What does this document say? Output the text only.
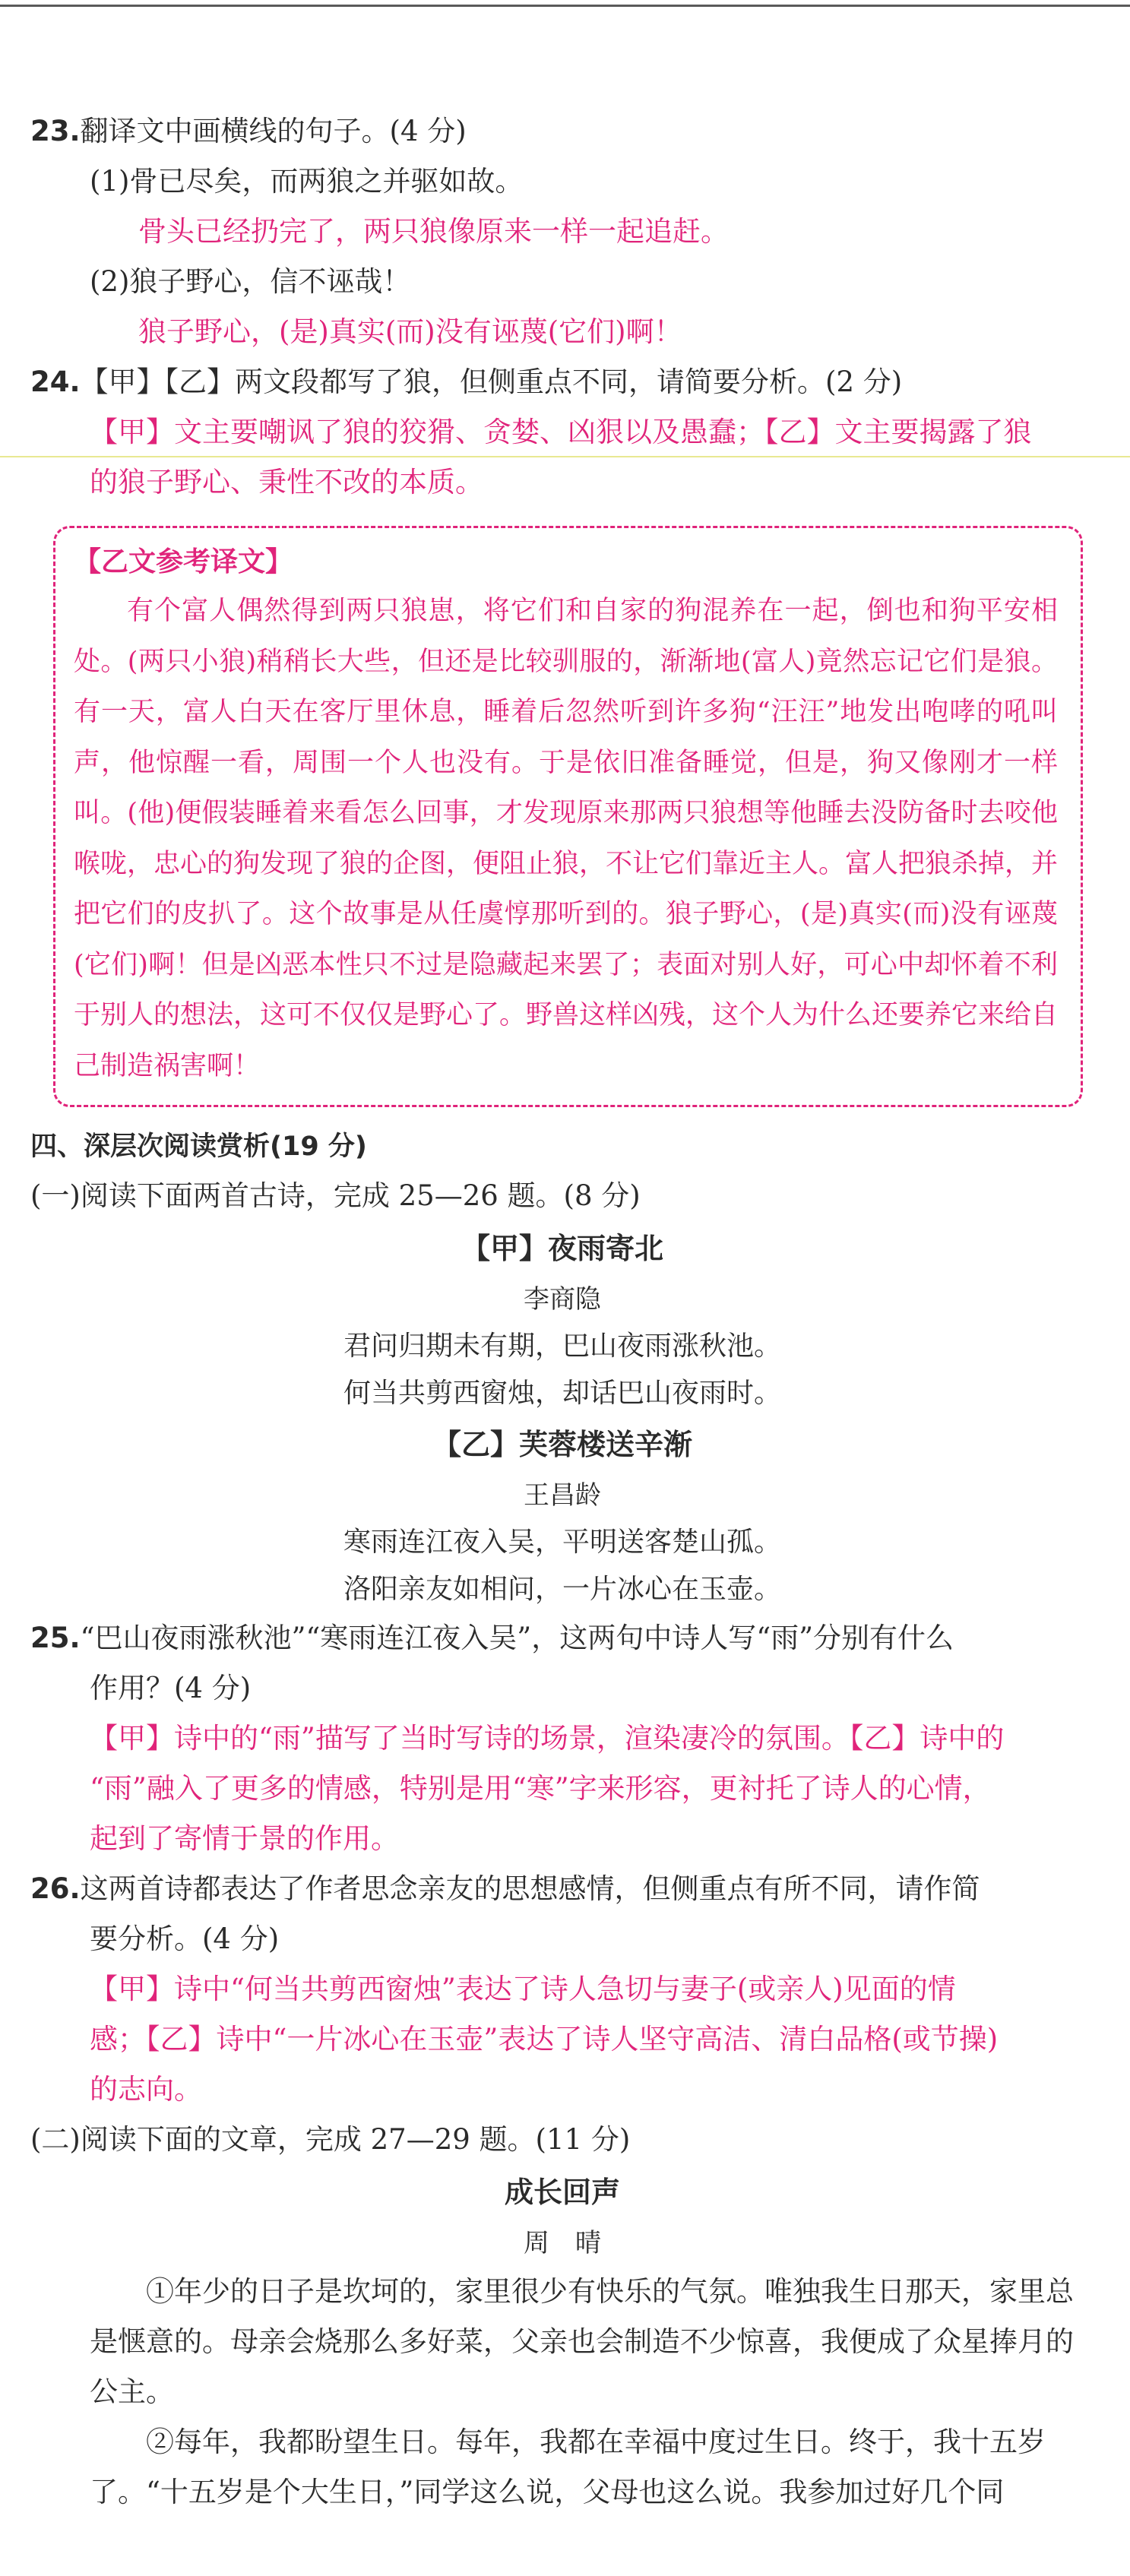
23.翻译文中画横线的句子。(4 分)
(1)骨已尽矣，而两狼之并驱如故。
骨头已经扔完了，两只狼像原来一样一起追赶。
(2)狼子野心，信不诬哉！
狼子野心，(是)真实(而)没有诬蔑(它们)啊！
24.【甲】【乙】两文段都写了狼，但侧重点不同，请简要分析。(2 分)
【甲】文主要嘲讽了狼的狡猾、贪婪、凶狠以及愚蠢；【乙】文主要揭露了狼
的狼子野心、秉性不改的本质。
【乙文参考译文】
有个富人偶然得到两只狼崽，将它们和自家的狗混养在一起，倒也和狗平安相处。(两只小狼)稍稍长大些，但还是比较驯服的，渐渐地(富人)竟然忘记它们是狼。有一天，富人白天在客厅里休息，睡着后忽然听到许多狗“汪汪”地发出咆哮的吼叫声，他惊醒一看，周围一个人也没有。于是依旧准备睡觉，但是，狗又像刚才一样叫。(他)便假装睡着来看怎么回事，才发现原来那两只狼想等他睡去没防备时去咬他喉咙，忠心的狗发现了狼的企图，便阻止狼，不让它们靠近主人。富人把狼杀掉，并把它们的皮扒了。这个故事是从任虞惇那听到的。狼子野心，(是)真实(而)没有诬蔑(它们)啊！但是凶恶本性只不过是隐藏起来罢了；表面对别人好，可心中却怀着不利于别人的想法，这可不仅仅是野心了。野兽这样凶残，这个人为什么还要养它来给自己制造祸害啊！
四、深层次阅读赏析(19 分)
(一)阅读下面两首古诗，完成 25—26 题。(8 分)
【甲】夜雨寄北
李商隐
君问归期未有期，巴山夜雨涨秋池。
何当共剪西窗烛，却话巴山夜雨时。
【乙】芙蓉楼送辛渐
王昌龄
寒雨连江夜入吴，平明送客楚山孤。
洛阳亲友如相问，一片冰心在玉壶。
25.“巴山夜雨涨秋池”“寒雨连江夜入吴”，这两句中诗人写“雨”分别有什么
作用？(4 分)
【甲】诗中的“雨”描写了当时写诗的场景，渲染凄冷的氛围。【乙】诗中的
“雨”融入了更多的情感，特别是用“寒”字来形容，更衬托了诗人的心情，
起到了寄情于景的作用。
26.这两首诗都表达了作者思念亲友的思想感情，但侧重点有所不同，请作简
要分析。(4 分)
【甲】诗中“何当共剪西窗烛”表达了诗人急切与妻子(或亲人)见面的情
感；【乙】诗中“一片冰心在玉壶”表达了诗人坚守高洁、清白品格(或节操)
的志向。
(二)阅读下面的文章，完成 27—29 题。(11 分)
成长回声
周　晴
①年少的日子是坎坷的，家里很少有快乐的气氛。唯独我生日那天，家里总是惬意的。母亲会烧那么多好菜，父亲也会制造不少惊喜，我便成了众星捧月的公主。
②每年，我都盼望生日。每年，我都在幸福中度过生日。终于，我十五岁了。“十五岁是个大生日，”同学这么说，父母也这么说。我参加过好几个同
